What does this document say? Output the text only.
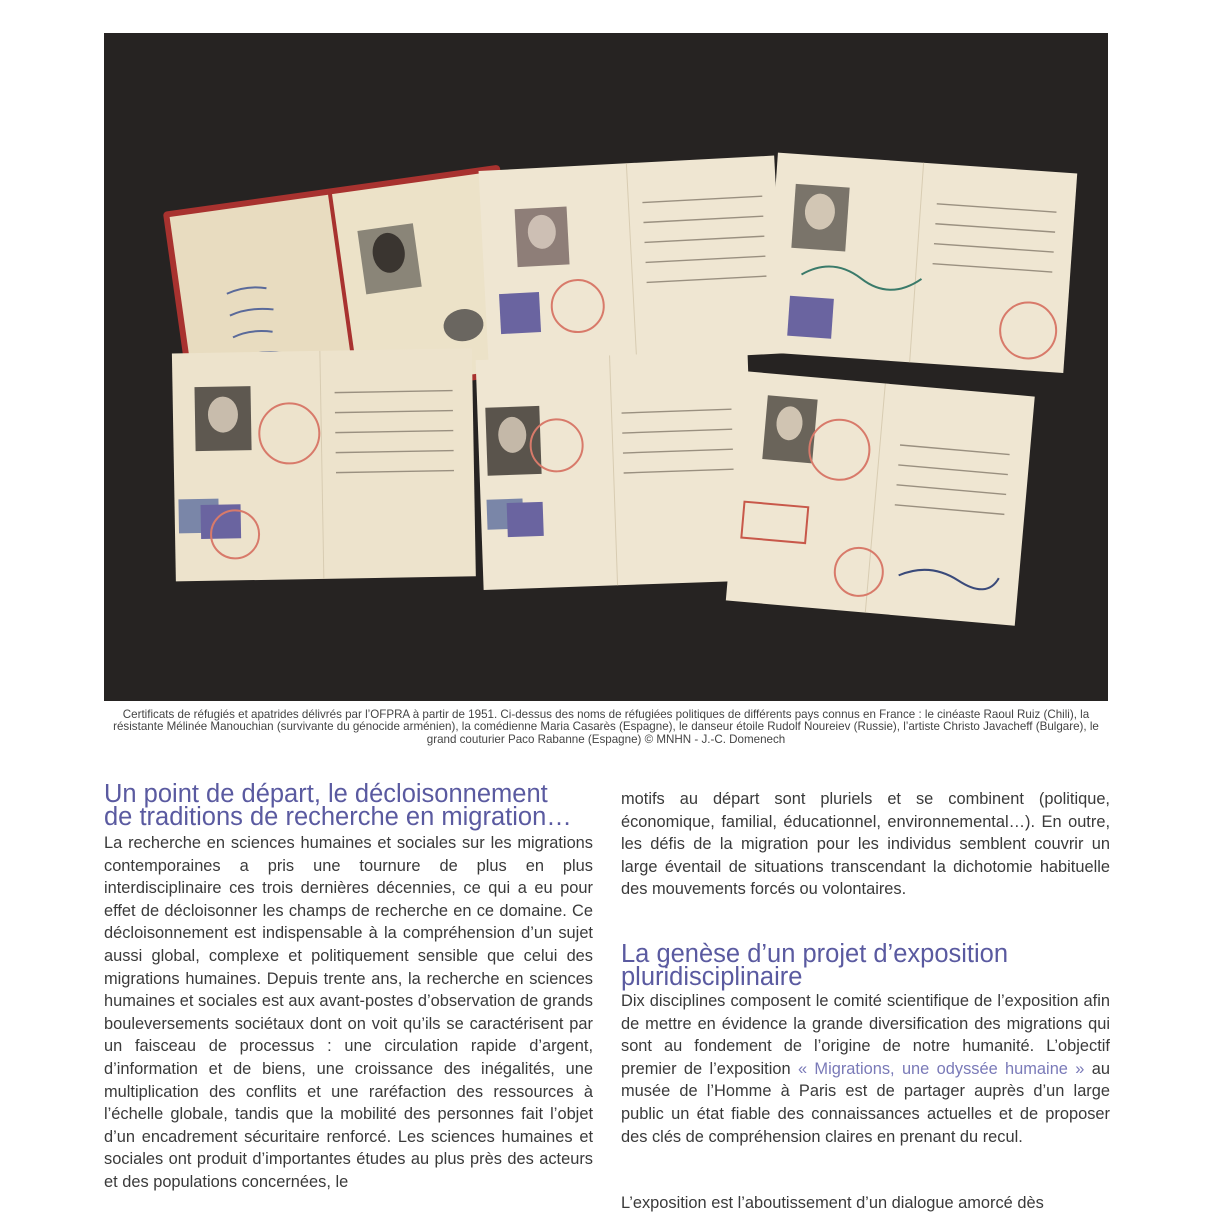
Certificats de réfugiés et apatrides délivrés par l’OFPRA à partir de 1951. Ci-dessus des noms de réfugiées politiques de différents pays connus en France : le cinéaste Raoul Ruiz (Chili), la résistante Mélinée Manouchian (survivante du génocide arménien), la comédienne Maria Casarès (Espagne), le danseur étoile Rudolf Noureiev (Russie), l’artiste Christo Javacheff (Bulgare), le grand couturier Paco Rabanne (Espagne) © MNHN - J.-C. Domenech
Un point de départ, le décloisonnement
de traditions de recherche en migration…

La recherche en sciences humaines et sociales sur les migrations contemporaines a pris une tournure de plus en plus interdisciplinaire ces trois dernières décennies, ce qui a eu pour effet de décloisonner les champs de recherche en ce domaine. Ce décloisonnement est indispensable à la compréhension d’un sujet aussi global, complexe et politiquement sensible que celui des migrations humaines. Depuis trente ans, la recherche en sciences humaines et sociales est aux avant-postes d’observation de grands bouleversements sociétaux dont on voit qu’ils se caractérisent par un faisceau de processus : une circulation rapide d’argent, d’information et de biens, une croissance des inégalités, une multiplication des conflits et une raréfaction des ressources à l’échelle globale, tandis que la mobilité des personnes fait l’objet d’un encadrement sécuritaire renforcé. Les sciences humaines et sociales ont produit d’importantes études au plus près des acteurs et des populations concernées, le

motifs au départ sont pluriels et se combinent (politique, économique, familial, éducationnel, environnemental…). En outre, les défis de la migration pour les individus semblent couvrir un large éventail de situations transcendant la dichotomie habituelle des mouvements forcés ou volontaires.

La genèse d’un projet d’exposition
pluridisciplinaire

Dix disciplines composent le comité scientifique de l’exposition afin de mettre en évidence la grande diversification des migrations qui sont au fondement de l’origine de notre humanité. L’objectif premier de l’exposition « Migrations, une odyssée humaine » au musée de l’Homme à Paris est de partager auprès d’un large public un état fiable des connaissances actuelles et de proposer des clés de compréhension claires en prenant du recul.

L’exposition est l’aboutissement d’un dialogue amorcé dès
